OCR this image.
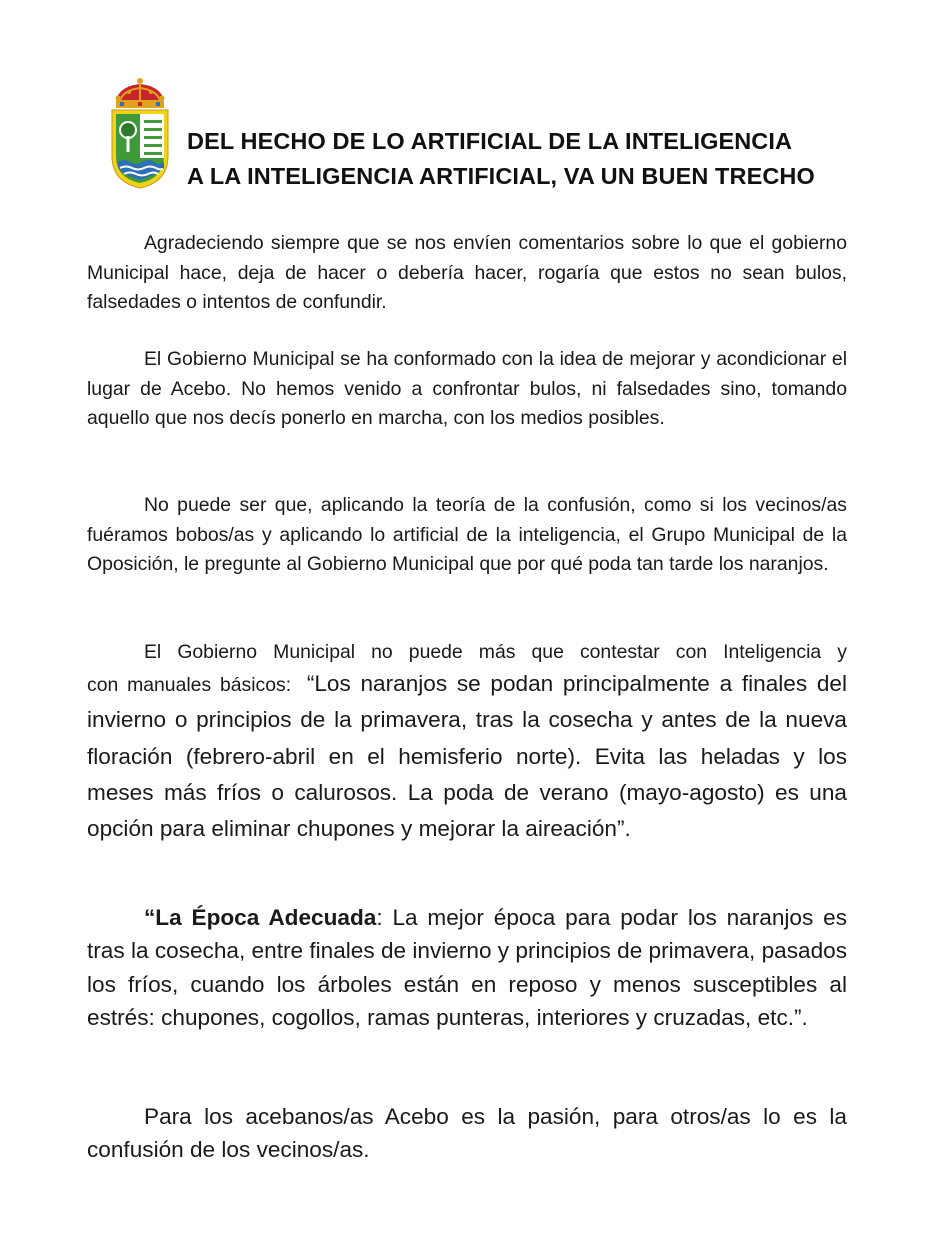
DEL HECHO DE LO ARTIFICIAL DE LA INTELIGENCIA
A LA INTELIGENCIA ARTIFICIAL, VA UN BUEN TRECHO

Agradeciendo siempre que se nos envíen comentarios sobre lo que el gobierno Municipal hace, deja de hacer o debería hacer, rogaría que estos no sean bulos, falsedades o intentos de confundir.

El Gobierno Municipal se ha conformado con la idea de mejorar y acondicionar el lugar de Acebo. No hemos venido a confrontar bulos, ni falsedades sino, tomando aquello que nos decís ponerlo en marcha, con los medios posibles.

No puede ser que, aplicando la teoría de la confusión, como si los vecinos/as fuéramos bobos/as y aplicando lo artificial de la inteligencia, el Grupo Municipal de la Oposición, le pregunte al Gobierno Municipal que por qué poda tan tarde los naranjos.

El Gobierno Municipal no puede más que contestar con Inteligencia y

con manuales básicos: “Los naranjos se podan principalmente a finales del invierno o principios de la primavera, tras la cosecha y antes de la nueva floración (febrero-abril en el hemisferio norte). Evita las heladas y los meses más fríos o calurosos. La poda de verano (mayo-agosto) es una opción para eliminar chupones y mejorar la aireación”.

“La Época Adecuada: La mejor época para podar los naranjos es tras la cosecha, entre finales de invierno y principios de primavera, pasados los fríos, cuando los árboles están en reposo y menos susceptibles al estrés: chupones, cogollos, ramas punteras, interiores y cruzadas, etc.”.

Para los acebanos/as Acebo es la pasión, para otros/as lo es la confusión de los vecinos/as.
